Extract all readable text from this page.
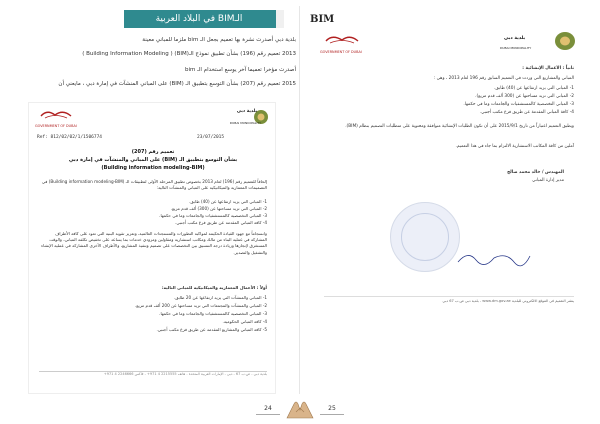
الـBIM في البلاد العربية
بلدية دبي أصدرت نشرة بها تعميم بجعل الـ bim ملزما للمباني معينة
2013 تعميم رقم (196) بشأن تطبيق نموذج الـ(BIM) ( Building Information Modeling )
أصدرت مؤخرا تعميما آخر يوسع استخدام الـ bim
2015 تعميم رقم (207) بشأن التوسع بتطبيق الـ (BIM) على المباني المنشآت في إمارة دبي ، مايعني أن
GOVERNMENT OF DUBAI
بلدية دبي
DUBAI MUNICIPALITY
Ref: 812/02/02/1/1506774	23/07/2015
تعميم رقم (207)
بشأن التوسع بتطبيق الـ (BIM) على المباني والمنشآت في إمارة دبي
(Building information modeling-BIM)
إلحاقاً للتعميم رقم (196) لعام 2013 بخصوص تطبيق المرحلة الأولى لتطبيقات الـ (Building information modeling-BIM) في التصميمات المعمارية والميكانيكية على المباني والمنشآت التالية:
1- المباني التي يزيد ارتفاعها عن (40) طابق.
2- المباني التي تزيد مساحتها عن (300) ألف قدم مربع.
3- المباني التخصصية كالمستشفيات والجامعات وما في حكمها.
4- كافة المباني المقدمة عن طريق فرع مكتب أجنبي.
وانسجاماً مع جهود القيادة الحكيمة لمواكبة التطورات والمستجدات العالمية، وتعزيز تقوية البنية التي تعود على كافة الأطراف المشاركة في عملية البناء من مالك ومكاتب استشارية ومقاولين ومزودي خدمات بما يساعد على تخفيض تكلفة المباني، والوقت المستغرق لإنجازها وزيادة درجة التنسيق بين التخصصات على تصميم وتنفيذ المشاريع، والأطراف الأخرى المشاركة في عملية الإنشاء والتشغيل والتصدير.
أولاً : الأعمال المعمارية والميكانيكية للمباني التالية:
1- المباني والمنشآت التي يزيد ارتفاعها عن 20 طابق.
2- المباني والمنشآت والمجمعات التي تزيد مساحتها عن 200 ألف قدم مربع.
3- المباني التخصصية كالمستشفيات والجامعات وما في حكمها.
4- كافة المباني الحكومية.
5- كافة المباني والمشاريع المقدمة عن طريق فرع مكتب أجنبي.
بلدية دبي - ص.ب 67 - دبي - الإمارات العربية المتحدة - هاتف 2215555 4 971+ - فاكس 2246666 4 971+
BIM
GOVERNMENT OF DUBAI
بلدية دبي
DUBAI MUNICIPALITY
ثانياً : الأعمال الإنشائية :
المباني والمشاريع التي وردت في التعميم السابق رقم 196 لعام 2013 ، وهي :
1- المباني التي يزيد ارتفاعها عن (40) طابق.
2- المباني التي تزيد مساحتها عن (300 ألف قدم مربع).
3- المباني التخصصية كالمستشفيات والجامعات وما في حكمها.
4- كافة المباني المقدمة عن طريق فرع مكتب أجنبي.
ويطبق التعميم اعتباراً من تاريخ 2015/9/1 على أن تكون الطلبات الإنشائية متوافقة ومحتوية على متطلبات التصميم بنظام (BIM).
آملين من كافة المكاتب الاستشارية الالتزام بما جاء في هذا التعميم.
المهندس / خالد محمد صالح
مدير إدارة المباني
ينشر التعميم في الموقع الالكتروني للبلدية www.dm.gov.ae - بلدية دبي ص.ب 67 دبي
24	25
